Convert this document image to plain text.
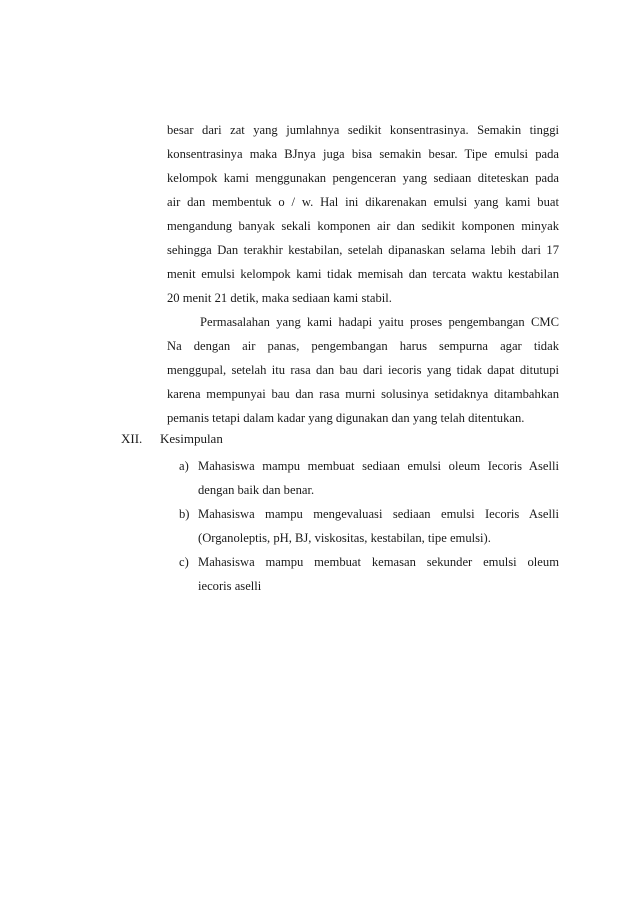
besar dari zat yang jumlahnya sedikit konsentrasinya. Semakin tinggi
konsentrasinya maka BJnya juga bisa semakin besar. Tipe emulsi pada
kelompok kami menggunakan pengenceran yang sediaan diteteskan pada
air dan membentuk o / w. Hal ini dikarenakan emulsi yang kami buat
mengandung banyak sekali komponen air dan sedikit komponen minyak
sehingga Dan terakhir kestabilan, setelah dipanaskan selama lebih dari 17
menit emulsi kelompok kami tidak memisah dan tercata waktu kestabilan
20 menit 21 detik, maka sediaan kami stabil.
Permasalahan yang kami hadapi yaitu proses pengembangan CMC
Na dengan air panas, pengembangan harus sempurna agar tidak
menggupal, setelah itu rasa dan bau dari iecoris yang tidak dapat ditutupi
karena mempunyai bau dan rasa murni solusinya setidaknya ditambahkan
pemanis tetapi dalam kadar yang digunakan dan yang telah ditentukan.
XII. Kesimpulan
a) Mahasiswa mampu membuat sediaan emulsi oleum Iecoris Aselli
dengan baik dan benar.
b) Mahasiswa mampu mengevaluasi sediaan emulsi Iecoris Aselli
(Organoleptis, pH, BJ, viskositas, kestabilan, tipe emulsi).
c) Mahasiswa mampu membuat kemasan sekunder emulsi oleum
iecoris aselli
